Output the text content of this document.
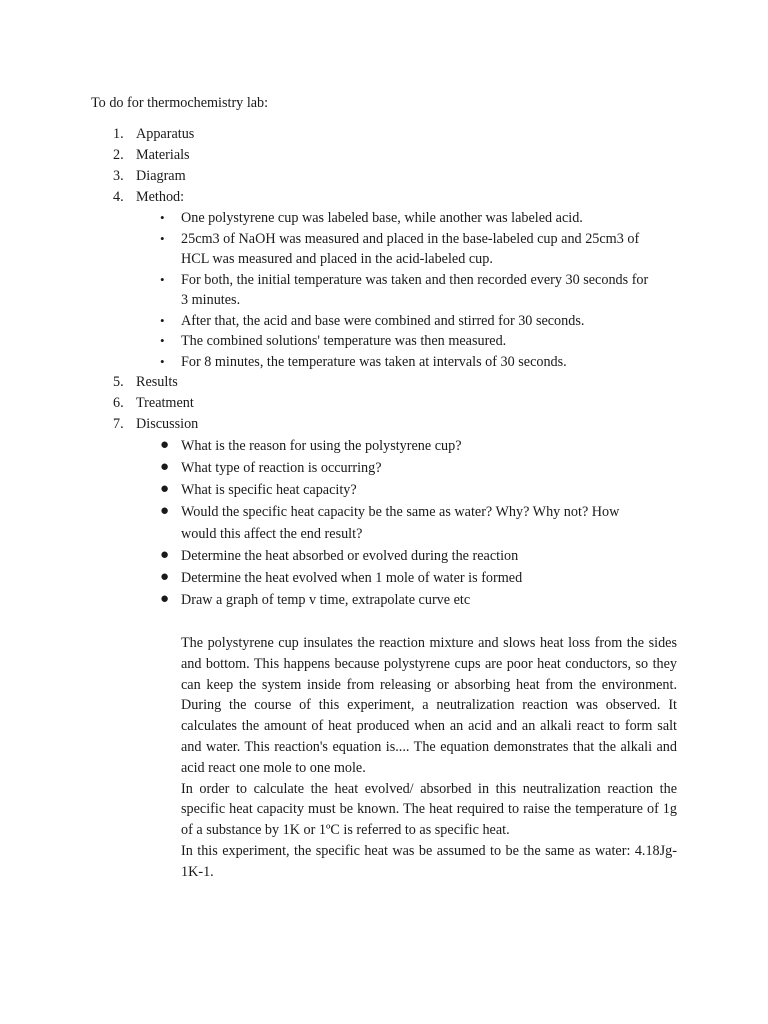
To do for thermochemistry lab:
1. Apparatus
2. Materials
3. Diagram
4. Method:
• One polystyrene cup was labeled base, while another was labeled acid.
• 25cm3 of NaOH was measured and placed in the base-labeled cup and 25cm3 of HCL was measured and placed in the acid-labeled cup.
• For both, the initial temperature was taken and then recorded every 30 seconds for 3 minutes.
• After that, the acid and base were combined and stirred for 30 seconds.
• The combined solutions' temperature was then measured.
• For 8 minutes, the temperature was taken at intervals of 30 seconds.
5. Results
6. Treatment
7. Discussion
● What is the reason for using the polystyrene cup?
● What type of reaction is occurring?
● What is specific heat capacity?
● Would the specific heat capacity be the same as water? Why? Why not? How would this affect the end result?
● Determine the heat absorbed or evolved during the reaction
● Determine the heat evolved when 1 mole of water is formed
● Draw a graph of temp v time, extrapolate curve etc

The polystyrene cup insulates the reaction mixture and slows heat loss from the sides and bottom. This happens because polystyrene cups are poor heat conductors, so they can keep the system inside from releasing or absorbing heat from the environment. During the course of this experiment, a neutralization reaction was observed. It calculates the amount of heat produced when an acid and an alkali react to form salt and water. This reaction's equation is.... The equation demonstrates that the alkali and acid react one mole to one mole.

In order to calculate the heat evolved/ absorbed in this neutralization reaction the specific heat capacity must be known. The heat required to raise the temperature of 1g of a substance by 1K or 1ºC is referred to as specific heat.

In this experiment, the specific heat was be assumed to be the same as water: 4.18Jg-1K-1.
